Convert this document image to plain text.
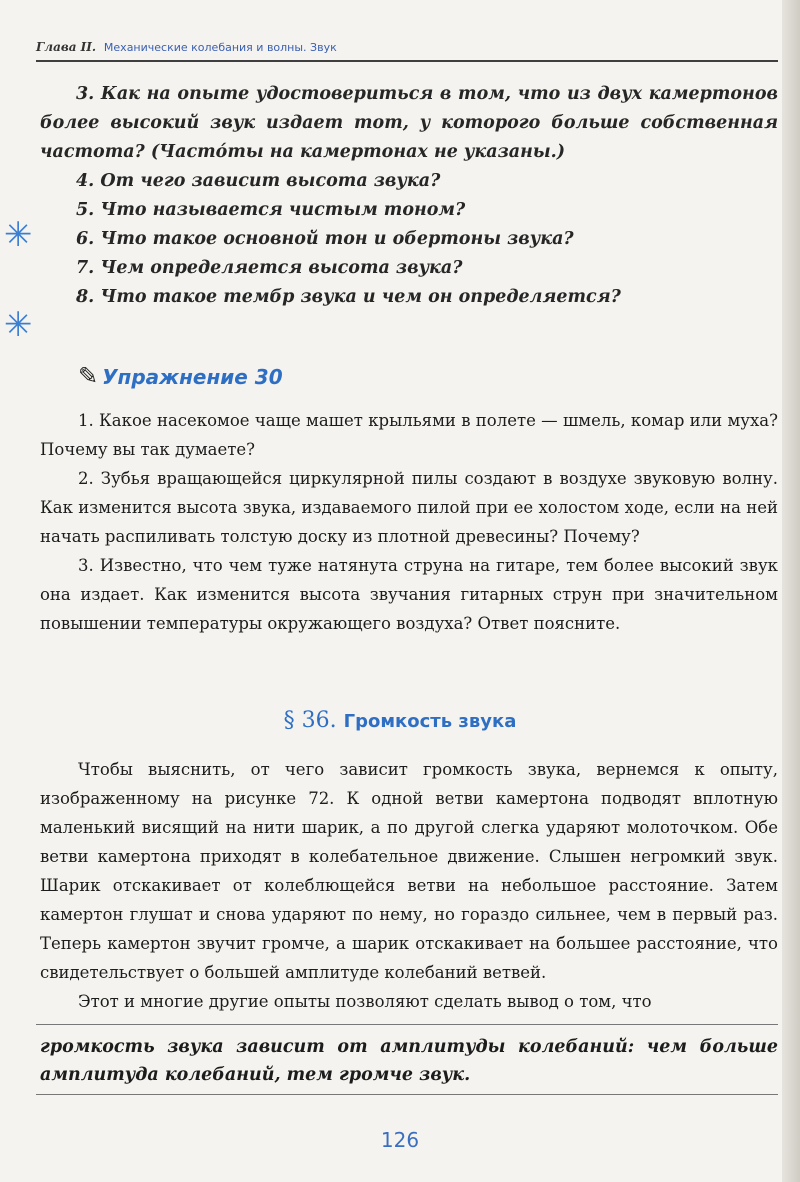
Глава II. Механические колебания и волны. Звук
✳
✳

3. Как на опыте удостовериться в том, что из двух камертонов более высокий звук издает тот, у которого больше собственная частота? (Частóты на камертонах не указаны.)

4. От чего зависит высота звука?

5. Что называется чистым тоном?

6. Что такое основной тон и обертоны звука?

7. Чем определяется высота звука?

8. Что такое тембр звука и чем он определяется?

✎ Упражнение 30

1. Какое насекомое чаще машет крыльями в полете — шмель, комар или муха? Почему вы так думаете?

2. Зубья вращающейся циркулярной пилы создают в воздухе звуковую волну. Как изменится высота звука, издаваемого пилой при ее холостом ходе, если на ней начать распиливать толстую доску из плотной древесины? Почему?

3. Известно, что чем туже натянута струна на гитаре, тем более высокий звук она издает. Как изменится высота звучания гитарных струн при значительном повышении температуры окружающего воздуха? Ответ поясните.

§ 36. Громкость звука

Чтобы выяснить, от чего зависит громкость звука, вернемся к опыту, изображенному на рисунке 72. К одной ветви камертона подводят вплотную маленький висящий на нити шарик, а по другой слегка ударяют молоточком. Обе ветви камертона приходят в колебательное движение. Слышен негромкий звук. Шарик отскакивает от колеблющейся ветви на небольшое расстояние. Затем камертон глушат и снова ударяют по нему, но гораздо сильнее, чем в первый раз. Теперь камертон звучит громче, а шарик отскакивает на большее расстояние, что свидетельствует о большей амплитуде колебаний ветвей.

Этот и многие другие опыты позволяют сделать вывод о том, что

громкость звука зависит от амплитуды колебаний: чем больше амплитуда колебаний, тем громче звук.
126
